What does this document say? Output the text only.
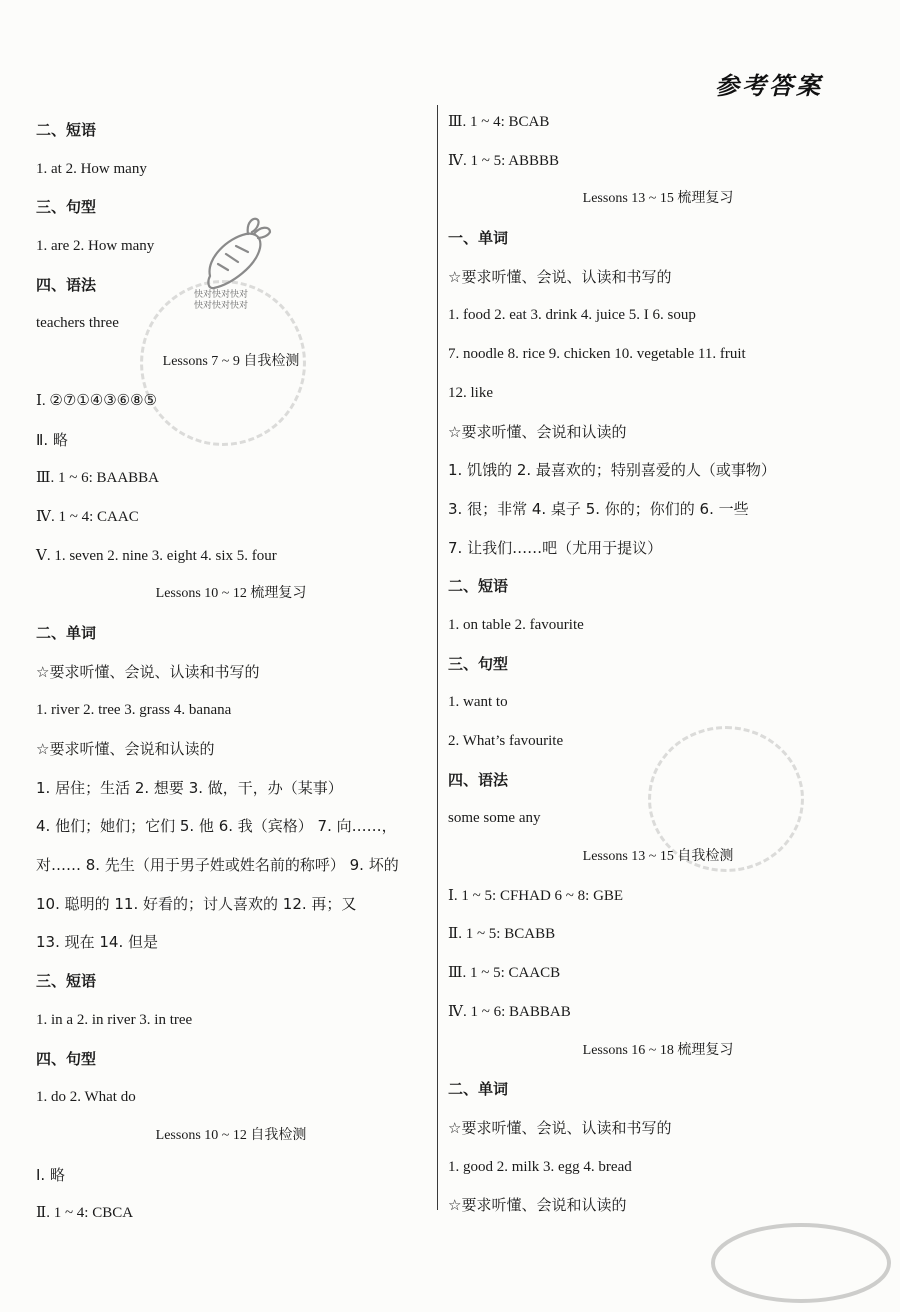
参考答案
快对快对快对
快对快对快对
二、短语
1. at 2. How many
三、句型
1. are 2. How many
四、语法
teachers three
Lessons 7 ~ 9 自我检测
Ⅰ. ②⑦①④③⑥⑧⑤
Ⅱ. 略
Ⅲ. 1 ~ 6: BAABBA
Ⅳ. 1 ~ 4: CAAC
Ⅴ. 1. seven 2. nine 3. eight 4. six 5. four
Lessons 10 ~ 12 梳理复习
二、单词
☆要求听懂、会说、认读和书写的
1. river 2. tree 3. grass 4. banana
☆要求听懂、会说和认读的
1. 居住；生活 2. 想要 3. 做，干，办（某事）
4. 他们；她们；它们 5. 他 6. 我（宾格） 7. 向……，
对…… 8. 先生（用于男子姓或姓名前的称呼） 9. 坏的
10. 聪明的 11. 好看的；讨人喜欢的 12. 再；又
13. 现在 14. 但是
三、短语
1. in a 2. in river 3. in tree
四、句型
1. do 2. What do
Lessons 10 ~ 12 自我检测
Ⅰ. 略
Ⅱ. 1 ~ 4: CBCA
Ⅲ. 1 ~ 4: BCAB
Ⅳ. 1 ~ 5: ABBBB
Lessons 13 ~ 15 梳理复习
一、单词
☆要求听懂、会说、认读和书写的
1. food 2. eat 3. drink 4. juice 5. I 6. soup
7. noodle 8. rice 9. chicken 10. vegetable 11. fruit
12. like
☆要求听懂、会说和认读的
1. 饥饿的 2. 最喜欢的；特别喜爱的人（或事物）
3. 很；非常 4. 桌子 5. 你的；你们的 6. 一些
7. 让我们……吧（尤用于提议）
二、短语
1. on table 2. favourite
三、句型
1. want to
2. What’s favourite
四、语法
some some any
Lessons 13 ~ 15 自我检测
Ⅰ. 1 ~ 5: CFHAD 6 ~ 8: GBE
Ⅱ. 1 ~ 5: BCABB
Ⅲ. 1 ~ 5: CAACB
Ⅳ. 1 ~ 6: BABBAB
Lessons 16 ~ 18 梳理复习
二、单词
☆要求听懂、会说、认读和书写的
1. good 2. milk 3. egg 4. bread
☆要求听懂、会说和认读的
